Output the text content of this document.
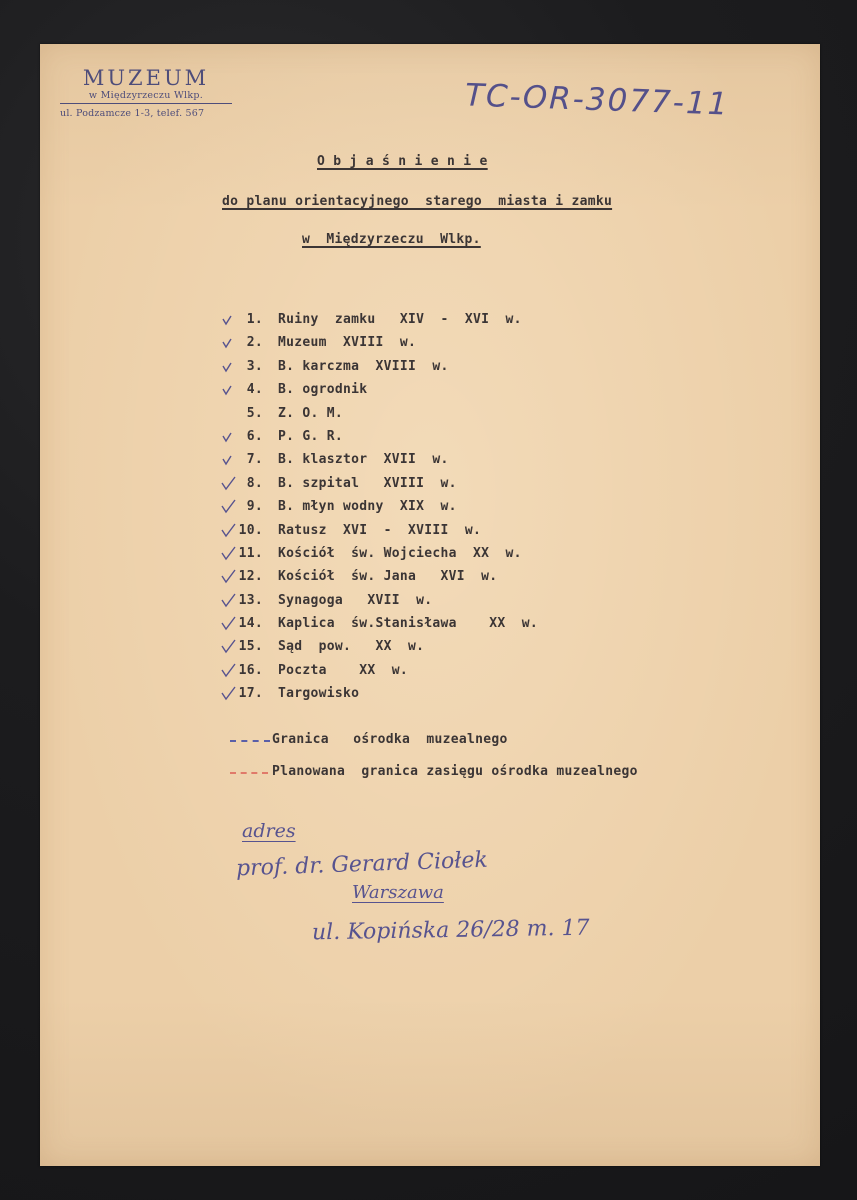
MUZEUM
w Międzyrzeczu Wlkp.
ul. Podzamcze 1-3, telef. 567	TC-OR-3077-11
O b j a ś n i e n i e
do planu orientacyjnego  starego  miasta i zamku
w  Międzyrzeczu  Wlkp.
1. Ruiny  zamku   XIV  -  XVI  w.
2. Muzeum  XVIII  w.
3. B. karczma  XVIII  w.
4. B. ogrodnik
5. Z. O. M.
6. P. G. R.
7. B. klasztor  XVII  w.
8. B. szpital   XVIII  w.
9. B. młyn wodny  XIX  w.
10. Ratusz  XVI  -  XVIII  w.
11. Kościół  św. Wojciecha  XX  w.
12. Kościół  św. Jana   XVI  w.
13. Synagoga   XVII  w.
14. Kaplica  św.Stanisława    XX  w.
15. Sąd  pow.   XX  w.
16. Poczta    XX  w.
17. Targowisko
Granica   ośrodka  muzealnego
Planowana  granica zasięgu ośrodka muzealnego
adres
prof. dr. Gerard Ciołek
Warszawa
ul. Kopińska 26/28 m. 17
